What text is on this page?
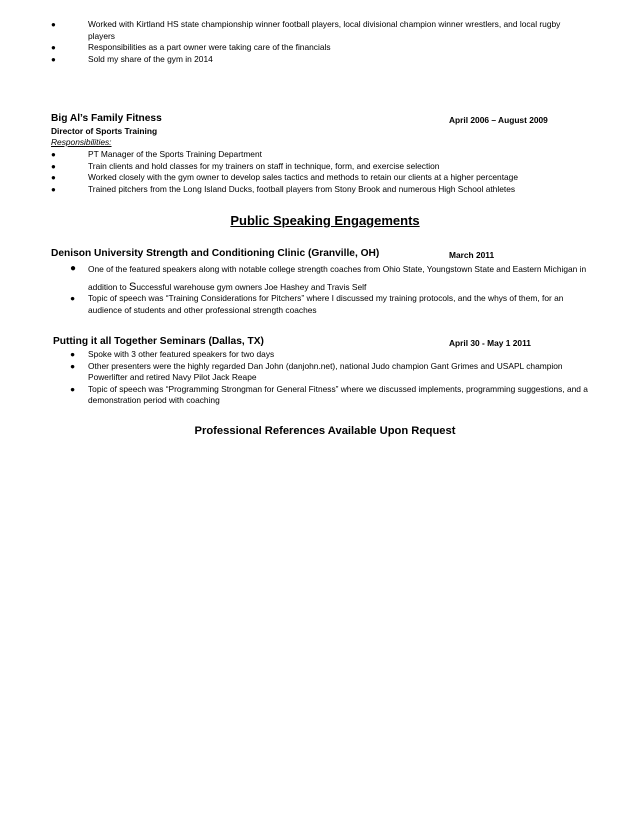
●	Worked with Kirtland HS state championship winner football players, local divisional champion winner wrestlers, and local rugby
players
●	Responsibilities as a part owner were taking care of the financials
●	Sold my share of the gym in 2014
Big Al’s Family Fitness	April 2006 – August 2009
Director of Sports Training
Responsibilities:
●	PT Manager of the Sports Training Department
●	Train clients and hold classes for my trainers on staff in technique, form, and exercise selection
●	Worked closely with the gym owner to develop sales tactics and methods to retain our clients at a higher percentage
●	Trained pitchers from the Long Island Ducks, football players from Stony Brook and numerous High School athletes
Public Speaking Engagements
Denison University Strength and Conditioning Clinic (Granville, OH)	March 2011
● One of the featured speakers along with notable college strength coaches from Ohio State, Youngstown State and Eastern Michigan in
addition to Successful warehouse gym owners Joe Hashey and Travis Self
● Topic of speech was “Training Considerations for Pitchers” where I discussed my training protocols, and the whys of them, for an
audience of students and other professional strength coaches
Putting it all Together Seminars (Dallas, TX)	April 30 - May 1 2011
● Spoke with 3 other featured speakers for two days
● Other presenters were the highly regarded Dan John (danjohn.net), national Judo champion Gant Grimes and USAPL champion
Powerlifter and retired Navy Pilot Jack Reape
● Topic of speech was “Programming Strongman for General Fitness” where we discussed implements, programming suggestions, and a
demonstration period with coaching
Professional References Available Upon Request
